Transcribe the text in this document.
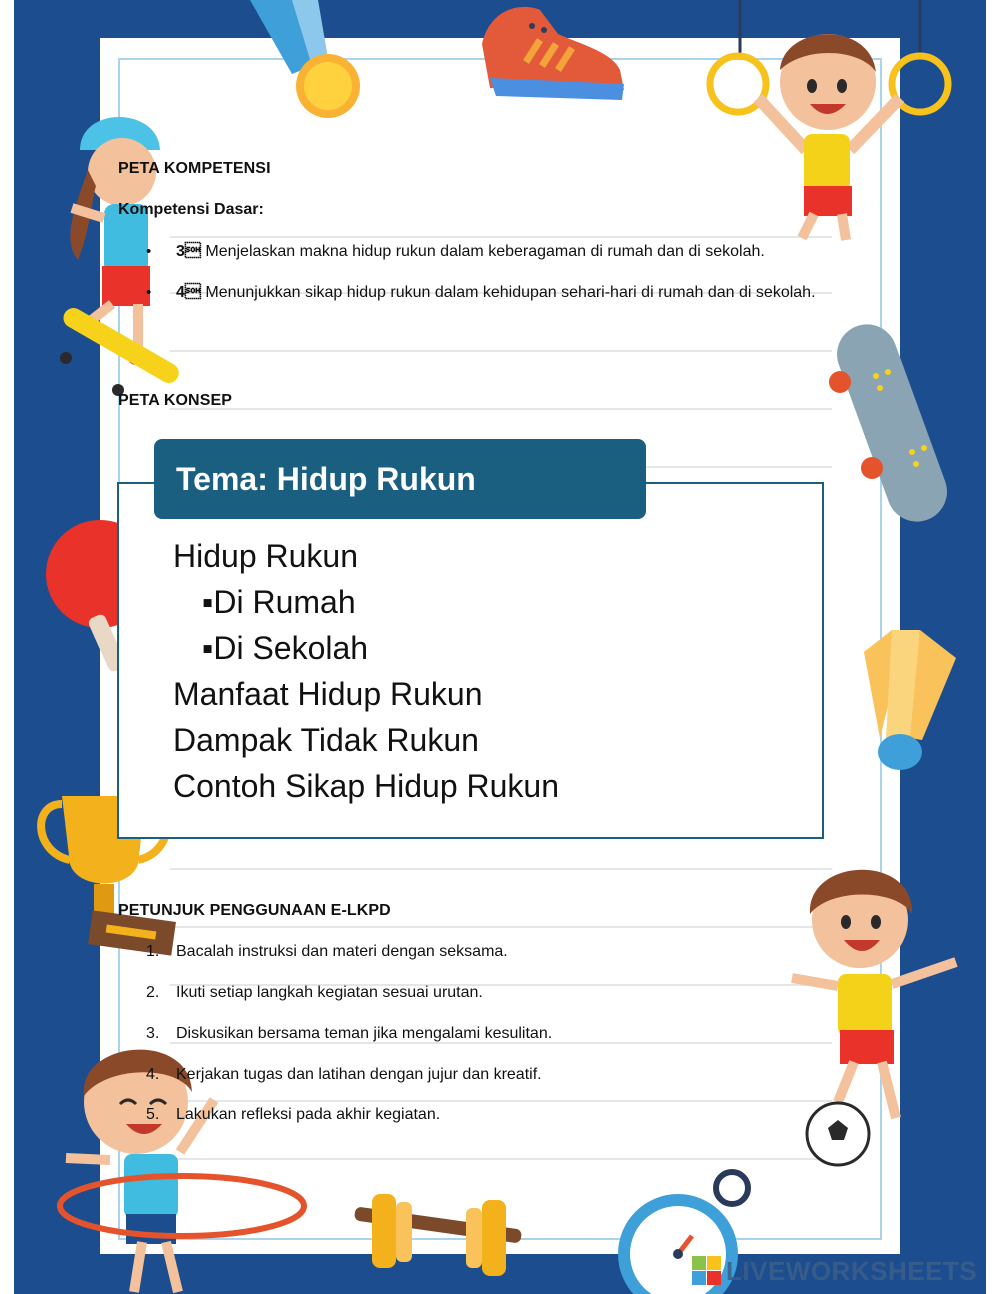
PETA KOMPETENSI
Kompetensi Dasar:
• 3 Menjelaskan makna hidup rukun dalam keberagaman di rumah dan di sekolah.
• 4 Menunjukkan sikap hidup rukun dalam kehidupan sehari-hari di rumah dan di sekolah.
PETA KONSEP
Tema: Hidup Rukun
Hidup Rukun
▪Di Rumah
▪Di Sekolah
Manfaat Hidup Rukun
Dampak Tidak Rukun
Contoh Sikap Hidup Rukun
PETUNJUK PENGGUNAAN E-LKPD
1. Bacalah instruksi dan materi dengan seksama.
2. Ikuti setiap langkah kegiatan sesuai urutan.
3. Diskusikan bersama teman jika mengalami kesulitan.
4. Kerjakan tugas dan latihan dengan jujur dan kreatif.
5. Lakukan refleksi pada akhir kegiatan.
LIVEWORKSHEETS
